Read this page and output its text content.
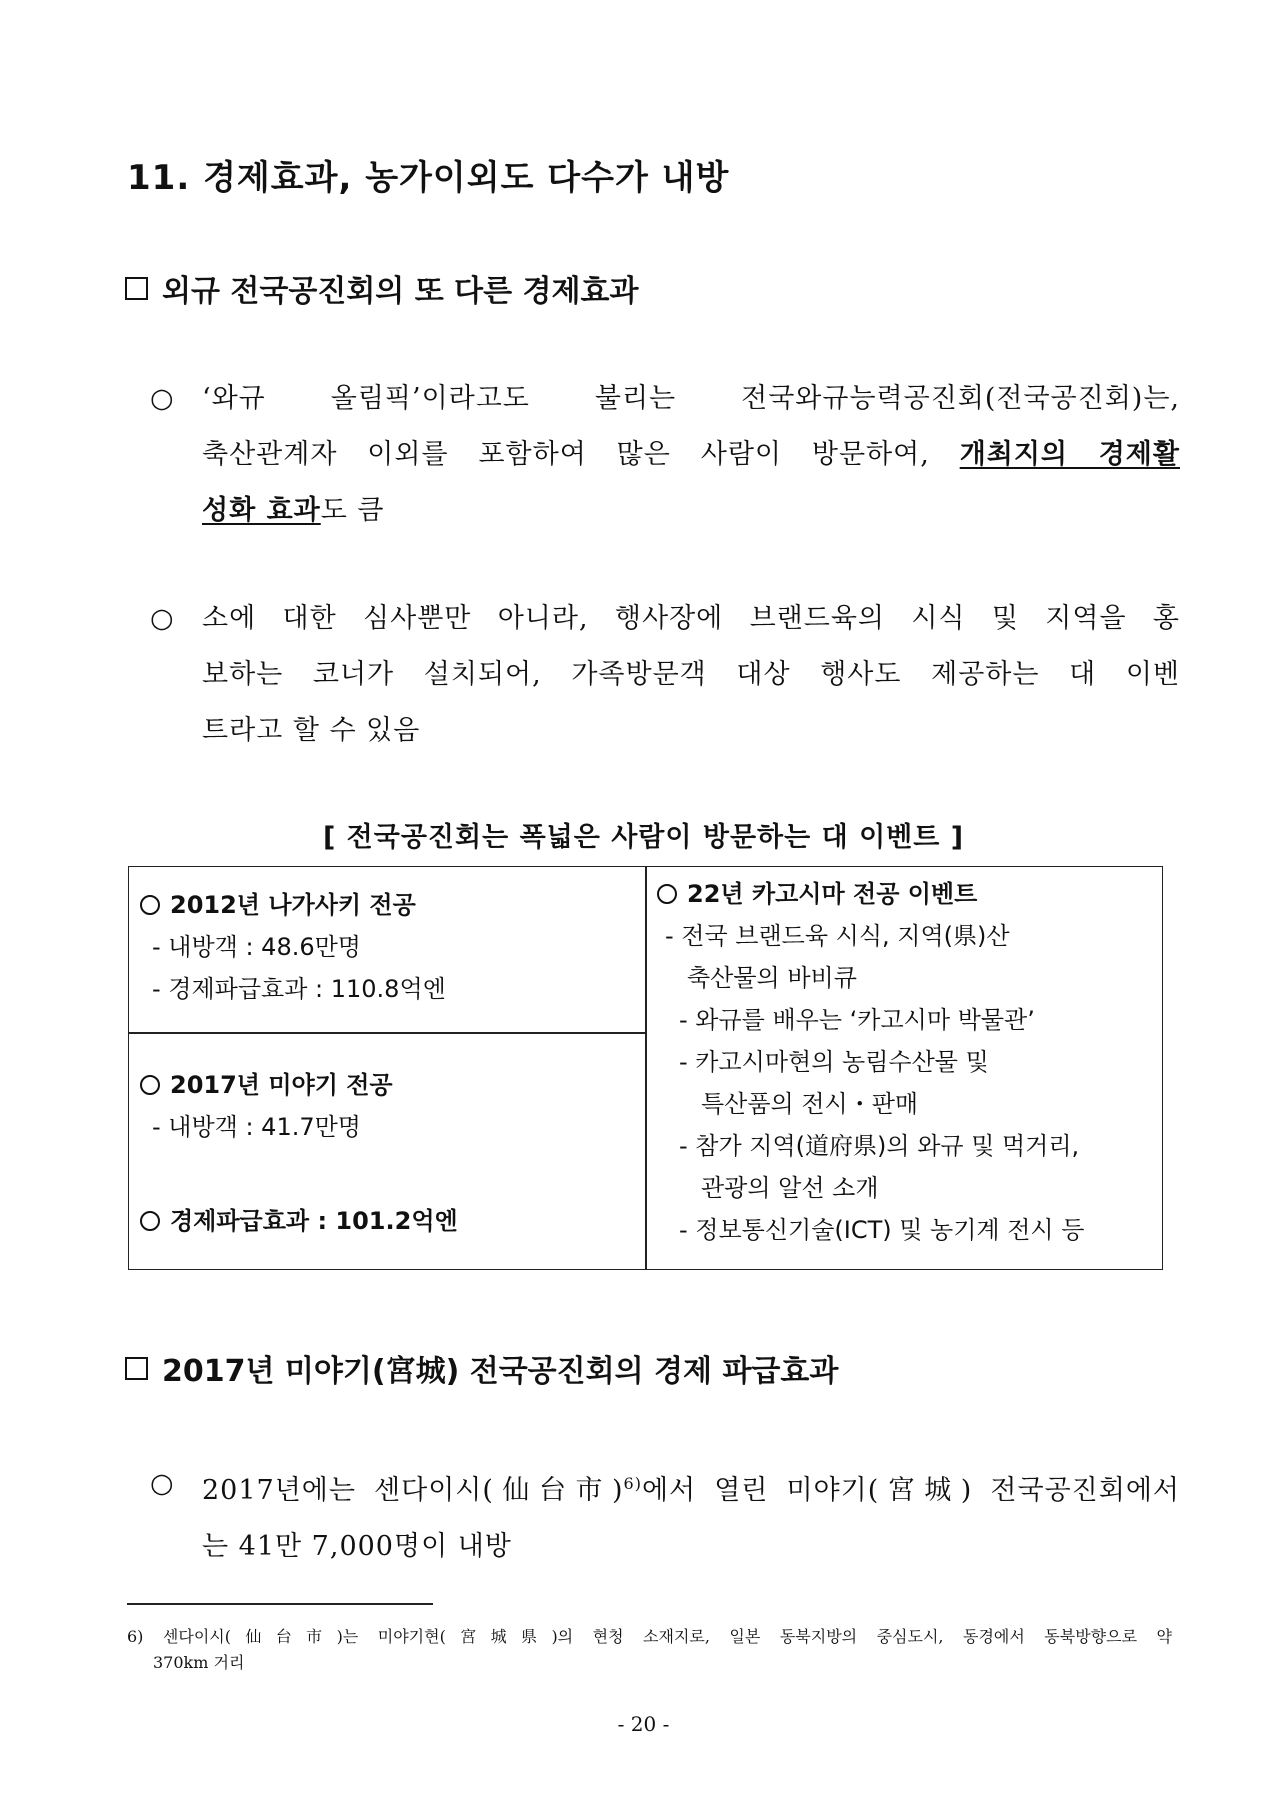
11. 경제효과, 농가이외도 다수가 내방
외규 전국공진회의 또 다른 경제효과
○ ‘와규 올림픽’이라고도 불리는 전국와규능력공진회(전국공진회)는,
축산관계자 이외를 포함하여 많은 사람이 방문하여, 개최지의 경제활
성화 효과도 큼
○ 소에 대한 심사뿐만 아니라, 행사장에 브랜드육의 시식 및 지역을 홍
보하는 코너가 설치되어, 가족방문객 대상 행사도 제공하는 대 이벤
트라고 할 수 있음
[ 전국공진회는 폭넓은 사람이 방문하는 대 이벤트 ]
2012년 나가사키 전공
- 내방객 : 48.6만명
- 경제파급효과 : 110.8억엔
2017년 미야기 전공
- 내방객 : 41.7만명
경제파급효과 : 101.2억엔
22년 카고시마 전공 이벤트
- 전국 브랜드육 시식, 지역(県)산
축산물의 바비큐
- 와규를 배우는 ‘카고시마 박물관’
- 카고시마현의 농림수산물 및
특산품의 전시・판매
- 참가 지역(道府県)의 와규 및 먹거리,
관광의 알선 소개
- 정보통신기술(ICT) 및 농기계 전시 등
2017년 미야기(宮城) 전국공진회의 경제 파급효과
○ 2017년에는 센다이시(仙台市)$^{6)}$에서 열린 미야기(宮城) 전국공진회에서
는 41만 7,000명이 내방
6) 센다이시(仙台市)는 미야기현(宮城県)의 현청 소재지로, 일본 동북지방의 중심도시, 동경에서 동북방향으로 약
370km 거리
- 20 -
